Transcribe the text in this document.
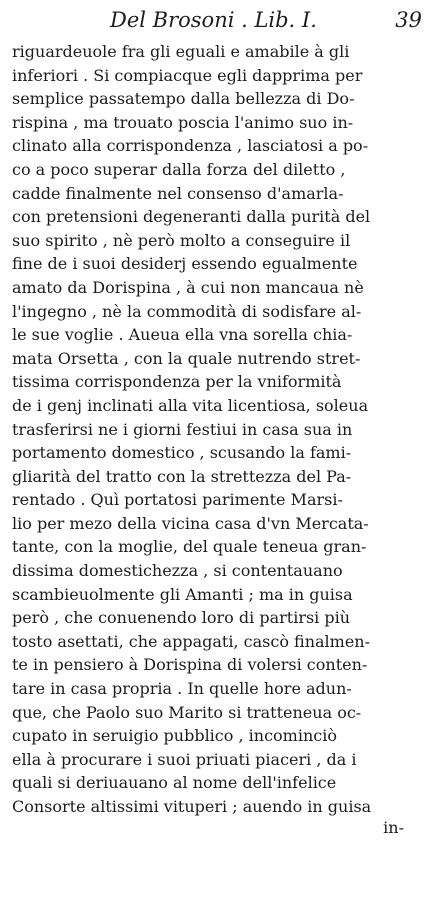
Del Brosoni . Lib. I.	39
riguardeuole fra gli eguali e amabile à gli
inferiori . Si compiacque egli dapprima per
semplice passatempo dalla bellezza di Do-
rispina , ma trouato poscia l'animo suo in-
clinato alla corrispondenza , lasciatosi a po-
co a poco superar dalla forza del diletto ,
cadde finalmente nel consenso d'amarla-
con pretensioni degeneranti dalla purità del
suo spirito , nè però molto a conseguire il
fine de i suoi desiderj essendo egualmente
amato da Dorispina , à cui non mancaua nè
l'ingegno , nè la commodità di sodisfare al-
le sue voglie . Aueua ella vna sorella chia-
mata Orsetta , con la quale nutrendo stret-
tissima corrispondenza per la vniformità
de i genj inclinati alla vita licentiosa, soleua
trasferirsi ne i giorni festiui in casa sua in
portamento domestico , scusando la fami-
gliarità del tratto con la strettezza del Pa-
rentado . Quì portatosi parimente Marsi-
lio per mezo della vicina casa d'vn Mercata-
tante, con la moglie, del quale teneua gran-
dissima domestichezza , si contentauano
scambieuolmente gli Amanti ; ma in guisa
però , che conuenendo loro di partirsi più
tosto asettati, che appagati, cascò finalmen-
te in pensiero à Dorispina di volersi conten-
tare in casa propria . In quelle hore adun-
que, che Paolo suo Marito si tratteneua oc-
cupato in seruigio pubblico , incominciò
ella à procurare i suoi priuati piaceri , da i
quali si deriuauano al nome dell'infelice
Consorte altissimi vituperi ; auendo in guisa
in-
